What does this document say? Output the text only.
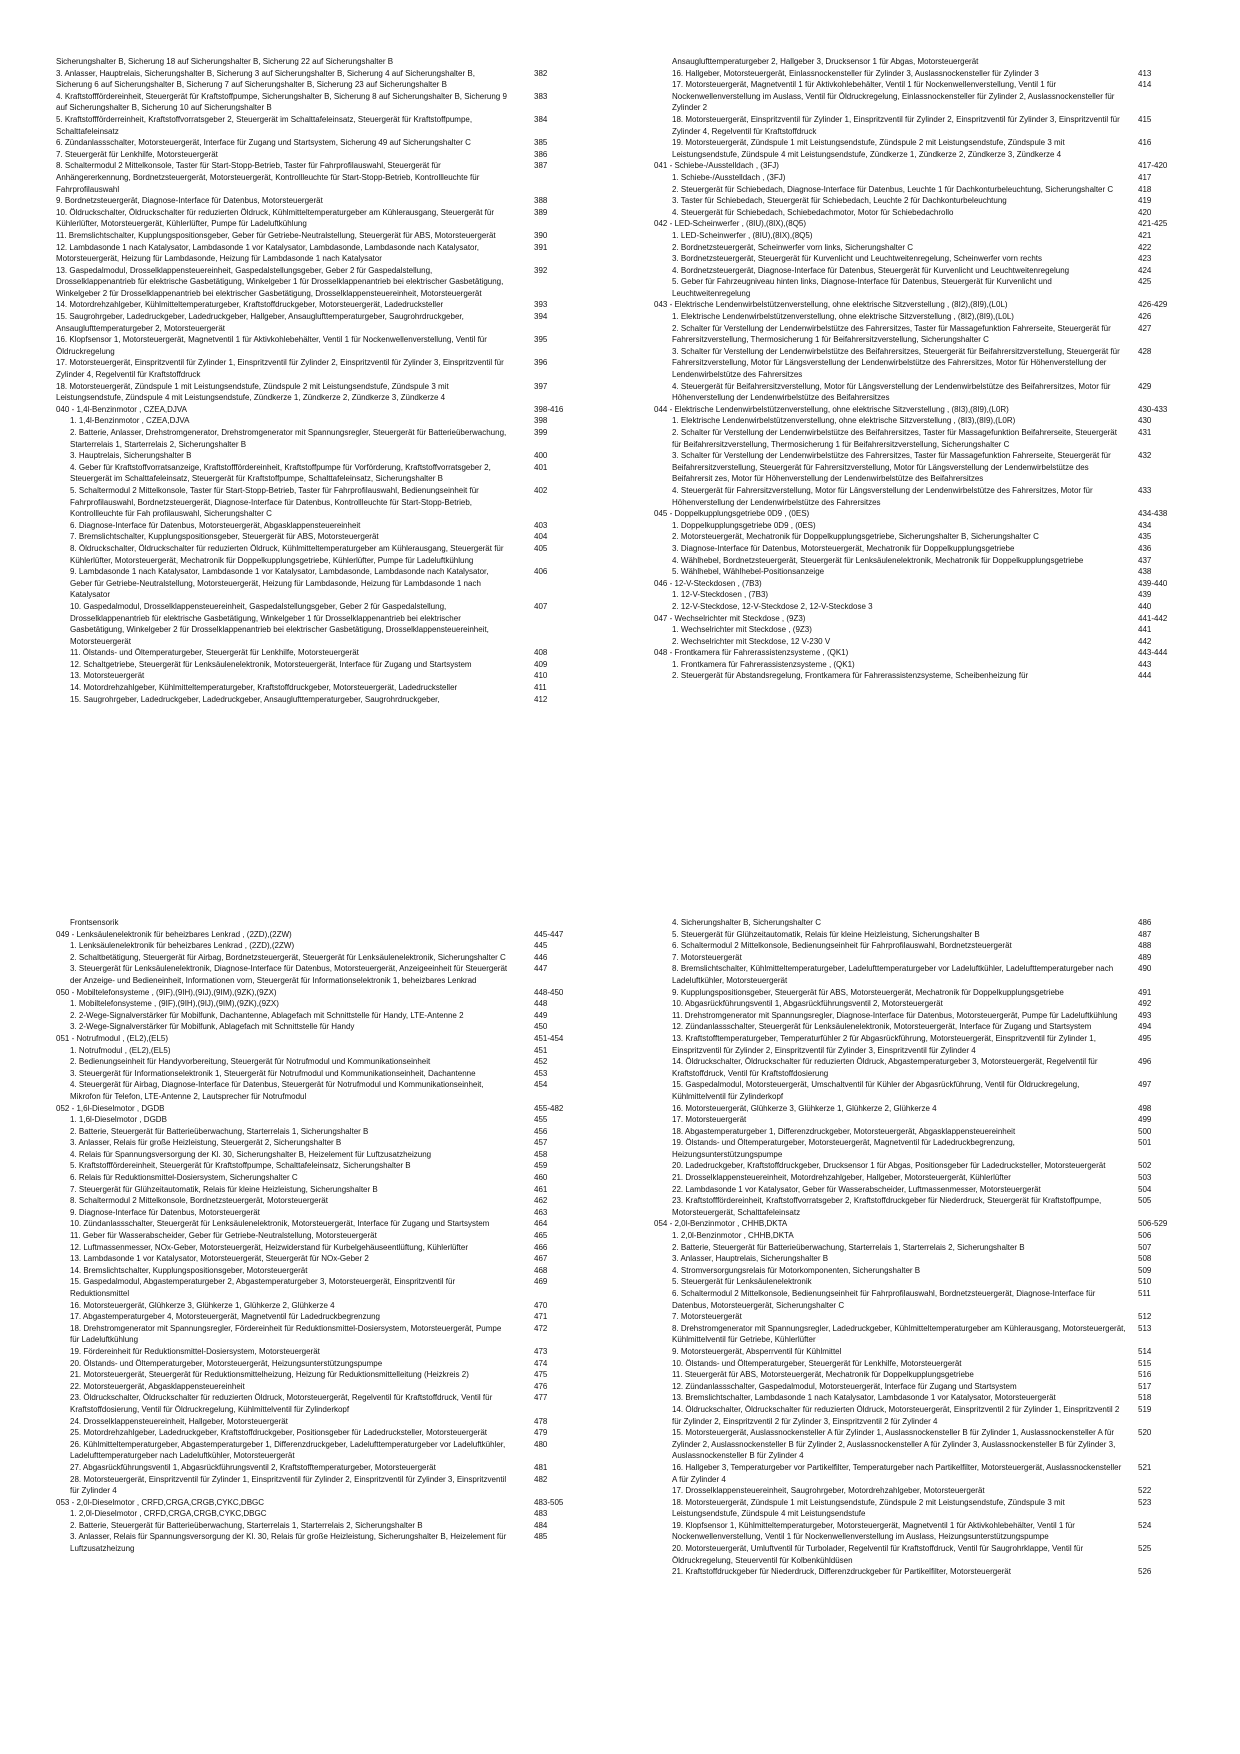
Sicherungshalter B, Sicherung 18 auf Sicherungshalter B, Sicherung 22 auf Sicherungshalter B
3. Anlasser, Hauptrelais, Sicherungshalter B, Sicherung 3 auf Sicherungshalter B, Sicherung 4 auf Sicherungshalter B, Sicherung 6 auf Sicherungshalter B, Sicherung 7 auf Sicherungshalter B, Sicherung 23 auf Sicherungshalter B
382
4. Kraftstofffördereinheit, Steuergerät für Kraftstoffpumpe, Sicherungshalter B, Sicherung 8 auf Sicherungshalter B, Sicherung 9 auf Sicherungshalter B, Sicherung 10 auf Sicherungshalter B
383
5. Kraftstoffförderreinheit, Kraftstoffvorratsgeber 2, Steuergerät im Schalttafeleinsatz, Steuergerät für Kraftstoffpumpe, Schalttafeleinsatz
384
6. Zündanlassschalter, Motorsteuergerät, Interface für Zugang und Startsystem, Sicherung 49 auf Sicherungshalter C	385
7. Steuergerät für Lenkhilfe, Motorsteuergerät	386
8. Schaltermodul 2 Mittelkonsole, Taster für Start-Stopp-Betrieb, Taster für Fahrprofilauswahl, Steuergerät für Anhängererkennung, Bordnetzsteuergerät, Motorsteuergerät, Kontrollleuchte für Start-Stopp-Betrieb, Kontrollleuchte für Fahrprofilauswahl
387
9. Bordnetzsteuergerät, Diagnose-Interface für Datenbus, Motorsteuergerät	388
10. Öldruckschalter, Öldruckschalter für reduzierten Öldruck, Kühlmitteltemperaturgeber am Kühlerausgang, Steuergerät für Kühlerlüfter, Motorsteuergerät, Kühlerlüfter, Pumpe für Ladeluftkühlung
389
11. Bremslichtschalter, Kupplungspositionsgeber, Geber für Getriebe-Neutralstellung, Steuergerät für ABS, Motorsteuergerät	390
12. Lambdasonde 1 nach Katalysator, Lambdasonde 1 vor Katalysator, Lambdasonde, Lambdasonde nach Katalysator, Motorsteuergerät, Heizung für Lambdasonde, Heizung für Lambdasonde 1 nach Katalysator
391
13. Gaspedalmodul, Drosselklappensteuereinheit, Gaspedalstellungsgeber, Geber 2 für Gaspedalstellung, Drosselklappenantrieb für elektrische Gasbetätigung, Winkelgeber 1 für Drosselklappenantrieb bei elektrischer Gasbetätigung, Winkelgeber 2 für Drosselklappenantrieb bei elektrischer Gasbetätigung, Drosselklappensteuereinheit, Motorsteuergerät
392
14. Motordrehzahlgeber, Kühlmitteltemperaturgeber, Kraftstoffdruckgeber, Motorsteuergerät, Ladedrucksteller	393
15. Saugrohrgeber, Ladedruckgeber, Ladedruckgeber, Hallgeber, Ansauglufttemperaturgeber, Saugrohrdruckgeber, Ansauglufttemperaturgeber 2, Motorsteuergerät
394
16. Klopfsensor 1, Motorsteuergerät, Magnetventil 1 für Aktivkohlebehälter, Ventil 1 für Nockenwellenverstellung, Ventil für Öldruckregelung
395
17. Motorsteuergerät, Einspritzventil für Zylinder 1, Einspritzventil für Zylinder 2, Einspritzventil für Zylinder 3, Einspritzventil für Zylinder 4, Regelventil für Kraftstoffdruck
396
18. Motorsteuergerät, Zündspule 1 mit Leistungsendstufe, Zündspule 2 mit Leistungsendstufe, Zündspule 3 mit Leistungsendstufe, Zündspule 4 mit Leistungsendstufe, Zündkerze 1, Zündkerze 2, Zündkerze 3, Zündkerze 4
397
040 - 1,4l-Benzinmotor , CZEA,DJVA	398-416
1. 1,4l-Benzinmotor , CZEA,DJVA	398
2. Batterie, Anlasser, Drehstromgenerator, Drehstromgenerator mit Spannungsregler, Steuergerät für Batterieüberwachung, Starterrelais 1, Starterrelais 2, Sicherungshalter B
399
3. Hauptrelais, Sicherungshalter B	400
4. Geber für Kraftstoffvorratsanzeige, Kraftstofffördereinheit, Kraftstoffpumpe für Vorförderung, Kraftstoffvorratsgeber 2, Steuergerät im Schalttafeleinsatz, Steuergerät für Kraftstoffpumpe, Schalttafeleinsatz, Sicherungshalter B
401
5. Schaltermodul 2 Mittelkonsole, Taster für Start-Stopp-Betrieb, Taster für Fahrprofilauswahl, Bedienungseinheit für Fahrprofilauswahl, Bordnetzsteuergerät, Diagnose-Interface für Datenbus, Kontrollleuchte für Start-Stopp-Betrieb, Kontrollleuchte für Fah profilauswahl, Sicherungshalter C
402
6. Diagnose-Interface für Datenbus, Motorsteuergerät, Abgasklappensteuereinheit	403
7. Bremslichtschalter, Kupplungspositionsgeber, Steuergerät für ABS, Motorsteuergerät	404
8. Öldruckschalter, Öldruckschalter für reduzierten Öldruck, Kühlmitteltemperaturgeber am Kühlerausgang, Steuergerät für Kühlerlüfter, Motorsteuergerät, Mechatronik für Doppelkupplungsgetriebe, Kühlerlüfter, Pumpe für Ladeluftkühlung
405
9. Lambdasonde 1 nach Katalysator, Lambdasonde 1 vor Katalysator, Lambdasonde, Lambdasonde nach Katalysator, Geber für Getriebe-Neutralstellung, Motorsteuergerät, Heizung für Lambdasonde, Heizung für Lambdasonde 1 nach Katalysator
406
10. Gaspedalmodul, Drosselklappensteuereinheit, Gaspedalstellungsgeber, Geber 2 für Gaspedalstellung, Drosselklappenantrieb für elektrische Gasbetätigung, Winkelgeber 1 für Drosselklappenantrieb bei elektrischer Gasbetätigung, Winkelgeber 2 für Drosselklappenantrieb bei elektrischer Gasbetätigung, Drosselklappensteuereinheit, Motorsteuergerät
407
11. Ölstands- und Öltemperaturgeber, Steuergerät für Lenkhilfe, Motorsteuergerät	408
12. Schaltgetriebe, Steuergerät für Lenksäulenelektronik, Motorsteuergerät, Interface für Zugang und Startsystem	409
13. Motorsteuergerät	410
14. Motordrehzahlgeber, Kühlmitteltemperaturgeber, Kraftstoffdruckgeber, Motorsteuergerät, Ladedrucksteller	411
15. Saugrohrgeber, Ladedruckgeber, Ladedruckgeber, Ansauglufttemperaturgeber, Saugrohrdruckgeber,	412
Ansauglufttemperaturgeber 2, Hallgeber 3, Drucksensor 1 für Abgas, Motorsteuergerät
16. Hallgeber, Motorsteuergerät, Einlassnockensteller für Zylinder 3, Auslassnockensteller für Zylinder 3	413
17. Motorsteuergerät, Magnetventil 1 für Aktivkohlebehälter, Ventil 1 für Nockenwellenverstellung, Ventil 1 für Nockenwellenverstellung im Auslass, Ventil für Öldruckregelung, Einlassnockensteller für Zylinder 2, Auslassnockensteller für Zylinder 2
414
18. Motorsteuergerät, Einspritzventil für Zylinder 1, Einspritzventil für Zylinder 2, Einspritzventil für Zylinder 3, Einspritzventil für Zylinder 4, Regelventil für Kraftstoffdruck
415
19. Motorsteuergerät, Zündspule 1 mit Leistungsendstufe, Zündspule 2 mit Leistungsendstufe, Zündspule 3 mit Leistungsendstufe, Zündspule 4 mit Leistungsendstufe, Zündkerze 1, Zündkerze 2, Zündkerze 3, Zündkerze 4
416
041 - Schiebe-/Ausstelldach , (3FJ)	417-420
1. Schiebe-/Ausstelldach , (3FJ)	417
2. Steuergerät für Schiebedach, Diagnose-Interface für Datenbus, Leuchte 1 für Dachkonturbeleuchtung, Sicherungshalter C	418
3. Taster für Schiebedach, Steuergerät für Schiebedach, Leuchte 2 für Dachkonturbeleuchtung	419
4. Steuergerät für Schiebedach, Schiebedachmotor, Motor für Schiebedachrollo	420
042 - LED-Scheinwerfer , (8IU),(8IX),(8Q5)	421-425
1. LED-Scheinwerfer , (8IU),(8IX),(8Q5)	421
2. Bordnetzsteuergerät, Scheinwerfer vorn links, Sicherungshalter C	422
3. Bordnetzsteuergerät, Steuergerät für Kurvenlicht und Leuchtweitenregelung, Scheinwerfer vorn rechts	423
4. Bordnetzsteuergerät, Diagnose-Interface für Datenbus, Steuergerät für Kurvenlicht und Leuchtweitenregelung	424
5. Geber für Fahrzeugniveau hinten links, Diagnose-Interface für Datenbus, Steuergerät für Kurvenlicht und Leuchtweitenregelung
425
043 - Elektrische Lendenwirbelstützenverstellung, ohne elektrische Sitzverstellung , (8I2),(8I9),(L0L)	426-429
1. Elektrische Lendenwirbelstützenverstellung, ohne elektrische Sitzverstellung , (8I2),(8I9),(L0L)	426
2. Schalter für Verstellung der Lendenwirbelstütze des Fahrersitzes, Taster für Massagefunktion Fahrerseite, Steuergerät für Fahrersitzverstellung, Thermosicherung 1 für Beifahrersitzverstellung, Sicherungshalter C
427
3. Schalter für Verstellung der Lendenwirbelstütze des Beifahrersitzes, Steuergerät für Beifahrersitzverstellung, Steuergerät für Fahrersitzverstellung, Motor für Längsverstellung der Lendenwirbelstütze des Fahrersitzes, Motor für Höhenverstellung der Lendenwirbelstütze des Fahrersitzes
428
4. Steuergerät für Beifahrersitzverstellung, Motor für Längsverstellung der Lendenwirbelstütze des Beifahrersitzes, Motor für Höhenverstellung der Lendenwirbelstütze des Beifahrersitzes
429
044 - Elektrische Lendenwirbelstützenverstellung, ohne elektrische Sitzverstellung , (8I3),(8I9),(L0R)	430-433
1. Elektrische Lendenwirbelstützenverstellung, ohne elektrische Sitzverstellung , (8I3),(8I9),(L0R)	430
2. Schalter für Verstellung der Lendenwirbelstütze des Beifahrersitzes, Taster für Massagefunktion Beifahrerseite, Steuergerät für Beifahrersitzverstellung, Thermosicherung 1 für Beifahrersitzverstellung, Sicherungshalter C
431
3. Schalter für Verstellung der Lendenwirbelstütze des Fahrersitzes, Taster für Massagefunktion Fahrerseite, Steuergerät für Beifahrersitzverstellung, Steuergerät für Fahrersitzverstellung, Motor für Längsverstellung der Lendenwirbelstütze des Beifahrersit zes, Motor für Höhenverstellung der Lendenwirbelstütze des Beifahrersitzes
432
4. Steuergerät für Fahrersitzverstellung, Motor für Längsverstellung der Lendenwirbelstütze des Fahrersitzes, Motor für Höhenverstellung der Lendenwirbelstütze des Fahrersitzes
433
045 - Doppelkupplungsgetriebe 0D9 , (0ES)	434-438
1. Doppelkupplungsgetriebe 0D9 , (0ES)	434
2. Motorsteuergerät, Mechatronik für Doppelkupplungsgetriebe, Sicherungshalter B, Sicherungshalter C	435
3. Diagnose-Interface für Datenbus, Motorsteuergerät, Mechatronik für Doppelkupplungsgetriebe	436
4. Wählhebel, Bordnetzsteuergerät, Steuergerät für Lenksäulenelektronik, Mechatronik für Doppelkupplungsgetriebe	437
5. Wählhebel, Wählhebel-Positionsanzeige	438
046 - 12-V-Steckdosen , (7B3)	439-440
1. 12-V-Steckdosen , (7B3)	439
2. 12-V-Steckdose, 12-V-Steckdose 2, 12-V-Steckdose 3	440
047 - Wechselrichter mit Steckdose , (9Z3)	441-442
1. Wechselrichter mit Steckdose , (9Z3)	441
2. Wechselrichter mit Steckdose, 12 V-230 V	442
048 - Frontkamera für Fahrerassistenzsysteme , (QK1)	443-444
1. Frontkamera für Fahrerassistenzsysteme , (QK1)	443
2. Steuergerät für Abstandsregelung, Frontkamera für Fahrerassistenzsysteme, Scheibenheizung für	444
Frontsensorik
049 - Lenksäulenelektronik für beheizbares Lenkrad , (2ZD),(2ZW)	445-447
1. Lenksäulenelektronik für beheizbares Lenkrad , (2ZD),(2ZW)	445
2. Schaltbetätigung, Steuergerät für Airbag, Bordnetzsteuergerät, Steuergerät für Lenksäulenelektronik, Sicherungshalter C	446
3. Steuergerät für Lenksäulenelektronik, Diagnose-Interface für Datenbus, Motorsteuergerät, Anzeigeeinheit für Steuergerät der Anzeige- und Bedieneinheit, Informationen vorn, Steuergerät für Informationselektronik 1, beheizbares Lenkrad
447
050 - Mobiltelefonsysteme , (9IF),(9IH),(9IJ),(9IM),(9ZK),(9ZX)	448-450
1. Mobiltelefonsysteme , (9IF),(9IH),(9IJ),(9IM),(9ZK),(9ZX)	448
2. 2-Wege-Signalverstärker für Mobilfunk, Dachantenne, Ablagefach mit Schnittstelle für Handy, LTE-Antenne 2	449
3. 2-Wege-Signalverstärker für Mobilfunk, Ablagefach mit Schnittstelle für Handy	450
051 - Notrufmodul , (EL2),(EL5)	451-454
1. Notrufmodul , (EL2),(EL5)	451
2. Bedienungseinheit für Handyvorbereitung, Steuergerät für Notrufmodul und Kommunikationseinheit	452
3. Steuergerät für Informationselektronik 1, Steuergerät für Notrufmodul und Kommunikationseinheit, Dachantenne	453
4. Steuergerät für Airbag, Diagnose-Interface für Datenbus, Steuergerät für Notrufmodul und Kommunikationseinheit, Mikrofon für Telefon, LTE-Antenne 2, Lautsprecher für Notrufmodul
454
052 - 1,6l-Dieselmotor , DGDB	455-482
1. 1,6l-Dieselmotor , DGDB	455
2. Batterie, Steuergerät für Batterieüberwachung, Starterrelais 1, Sicherungshalter B	456
3. Anlasser, Relais für große Heizleistung, Steuergerät 2, Sicherungshalter B	457
4. Relais für Spannungsversorgung der Kl. 30, Sicherungshalter B, Heizelement für Luftzusatzheizung	458
5. Kraftstofffördereinheit, Steuergerät für Kraftstoffpumpe, Schalttafeleinsatz, Sicherungshalter B	459
6. Relais für Reduktionsmittel-Dosiersystem, Sicherungshalter C	460
7. Steuergerät für Glühzeitautomatik, Relais für kleine Heizleistung, Sicherungshalter B	461
8. Schaltermodul 2 Mittelkonsole, Bordnetzsteuergerät, Motorsteuergerät	462
9. Diagnose-Interface für Datenbus, Motorsteuergerät	463
10. Zündanlassschalter, Steuergerät für Lenksäulenelektronik, Motorsteuergerät, Interface für Zugang und Startsystem	464
11. Geber für Wasserabscheider, Geber für Getriebe-Neutralstellung, Motorsteuergerät	465
12. Luftmassenmesser, NOx-Geber, Motorsteuergerät, Heizwiderstand für Kurbelgehäuseentlüftung, Kühlerlüfter	466
13. Lambdasonde 1 vor Katalysator, Motorsteuergerät, Steuergerät für NOx-Geber 2	467
14. Bremslichtschalter, Kupplungspositionsgeber, Motorsteuergerät	468
15. Gaspedalmodul, Abgastemperaturgeber 2, Abgastemperaturgeber 3, Motorsteuergerät, Einspritzventil für Reduktionsmittel
469
16. Motorsteuergerät, Glühkerze 3, Glühkerze 1, Glühkerze 2, Glühkerze 4	470
17. Abgastemperaturgeber 4, Motorsteuergerät, Magnetventil für Ladedruckbegrenzung	471
18. Drehstromgenerator mit Spannungsregler, Fördereinheit für Reduktionsmittel-Dosiersystem, Motorsteuergerät, Pumpe für Ladeluftkühlung
472
19. Fördereinheit für Reduktionsmittel-Dosiersystem, Motorsteuergerät	473
20. Ölstands- und Öltemperaturgeber, Motorsteuergerät, Heizungsunterstützungspumpe	474
21. Motorsteuergerät, Steuergerät für Reduktionsmittelheizung, Heizung für Reduktionsmittelleitung (Heizkreis 2)	475
22. Motorsteuergerät, Abgasklappensteuereinheit	476
23. Öldruckschalter, Öldruckschalter für reduzierten Öldruck, Motorsteuergerät, Regelventil für Kraftstoffdruck, Ventil für Kraftstoffdosierung, Ventil für Öldruckregelung, Kühlmittelventil für Zylinderkopf
477
24. Drosselklappensteuereinheit, Hallgeber, Motorsteuergerät	478
25. Motordrehzahlgeber, Ladedruckgeber, Kraftstoffdruckgeber, Positionsgeber für Ladedrucksteller, Motorsteuergerät	479
26. Kühlmitteltemperaturgeber, Abgastemperaturgeber 1, Differenzdruckgeber, Ladelufttemperaturgeber vor Ladeluftkühler, Ladelufttemperaturgeber nach Ladeluftkühler, Motorsteuergerät
480
27. Abgasrückführungsventil 1, Abgasrückführungsventil 2, Kraftstofftemperaturgeber, Motorsteuergerät	481
28. Motorsteuergerät, Einspritzventil für Zylinder 1, Einspritzventil für Zylinder 2, Einspritzventil für Zylinder 3, Einspritzventil für Zylinder 4
482
053 - 2,0l-Dieselmotor , CRFD,CRGA,CRGB,CYKC,DBGC	483-505
1. 2,0l-Dieselmotor , CRFD,CRGA,CRGB,CYKC,DBGC	483
2. Batterie, Steuergerät für Batterieüberwachung, Starterrelais 1, Starterrelais 2, Sicherungshalter B	484
3. Anlasser, Relais für Spannungsversorgung der Kl. 30, Relais für große Heizleistung, Sicherungshalter B, Heizelement für Luftzusatzheizung
485
4. Sicherungshalter B, Sicherungshalter C	486
5. Steuergerät für Glühzeitautomatik, Relais für kleine Heizleistung, Sicherungshalter B	487
6. Schaltermodul 2 Mittelkonsole, Bedienungseinheit für Fahrprofilauswahl, Bordnetzsteuergerät	488
7. Motorsteuergerät	489
8. Bremslichtschalter, Kühlmitteltemperaturgeber, Ladelufttemperaturgeber vor Ladeluftkühler, Ladelufttemperaturgeber nach Ladeluftkühler, Motorsteuergerät
490
9. Kupplungspositionsgeber, Steuergerät für ABS, Motorsteuergerät, Mechatronik für Doppelkupplungsgetriebe	491
10. Abgasrückführungsventil 1, Abgasrückführungsventil 2, Motorsteuergerät	492
11. Drehstromgenerator mit Spannungsregler, Diagnose-Interface für Datenbus, Motorsteuergerät, Pumpe für Ladeluftkühlung	493
12. Zündanlassschalter, Steuergerät für Lenksäulenelektronik, Motorsteuergerät, Interface für Zugang und Startsystem	494
13. Kraftstofftemperaturgeber, Temperaturfühler 2 für Abgasrückführung, Motorsteuergerät, Einspritzventil für Zylinder 1, Einspritzventil für Zylinder 2, Einspritzventil für Zylinder 3, Einspritzventil für Zylinder 4
495
14. Öldruckschalter, Öldruckschalter für reduzierten Öldruck, Abgastemperaturgeber 3, Motorsteuergerät, Regelventil für Kraftstoffdruck, Ventil für Kraftstoffdosierung
496
15. Gaspedalmodul, Motorsteuergerät, Umschaltventil für Kühler der Abgasrückführung, Ventil für Öldruckregelung, Kühlmittelventil für Zylinderkopf
497
16. Motorsteuergerät, Glühkerze 3, Glühkerze 1, Glühkerze 2, Glühkerze 4	498
17. Motorsteuergerät	499
18. Abgastemperaturgeber 1, Differenzdruckgeber, Motorsteuergerät, Abgasklappensteuereinheit	500
19. Ölstands- und Öltemperaturgeber, Motorsteuergerät, Magnetventil für Ladedruckbegrenzung, Heizungsunterstützungspumpe
501
20. Ladedruckgeber, Kraftstoffdruckgeber, Drucksensor 1 für Abgas, Positionsgeber für Ladedrucksteller, Motorsteuergerät	502
21. Drosselklappensteuereinheit, Motordrehzahlgeber, Hallgeber, Motorsteuergerät, Kühlerlüfter	503
22. Lambdasonde 1 vor Katalysator, Geber für Wasserabscheider, Luftmassenmesser, Motorsteuergerät	504
23. Kraftstofffördereinheit, Kraftstoffvorratsgeber 2, Kraftstoffdruckgeber für Niederdruck, Steuergerät für Kraftstoffpumpe, Motorsteuergerät, Schalttafeleinsatz
505
054 - 2,0l-Benzinmotor , CHHB,DKTA	506-529
1. 2,0l-Benzinmotor , CHHB,DKTA	506
2. Batterie, Steuergerät für Batterieüberwachung, Starterrelais 1, Starterrelais 2, Sicherungshalter B	507
3. Anlasser, Hauptrelais, Sicherungshalter B	508
4. Stromversorgungsrelais für Motorkomponenten, Sicherungshalter B	509
5. Steuergerät für Lenksäulenelektronik	510
6. Schaltermodul 2 Mittelkonsole, Bedienungseinheit für Fahrprofilauswahl, Bordnetzsteuergerät, Diagnose-Interface für Datenbus, Motorsteuergerät, Sicherungshalter C
511
7. Motorsteuergerät	512
8. Drehstromgenerator mit Spannungsregler, Ladedruckgeber, Kühlmitteltemperaturgeber am Kühlerausgang, Motorsteuergerät, Kühlmittelventil für Getriebe, Kühlerlüfter
513
9. Motorsteuergerät, Absperrventil für Kühlmittel	514
10. Ölstands- und Öltemperaturgeber, Steuergerät für Lenkhilfe, Motorsteuergerät	515
11. Steuergerät für ABS, Motorsteuergerät, Mechatronik für Doppelkupplungsgetriebe	516
12. Zündanlassschalter, Gaspedalmodul, Motorsteuergerät, Interface für Zugang und Startsystem	517
13. Bremslichtschalter, Lambdasonde 1 nach Katalysator, Lambdasonde 1 vor Katalysator, Motorsteuergerät	518
14. Öldruckschalter, Öldruckschalter für reduzierten Öldruck, Motorsteuergerät, Einspritzventil 2 für Zylinder 1, Einspritzventil 2 für Zylinder 2, Einspritzventil 2 für Zylinder 3, Einspritzventil 2 für Zylinder 4
519
15. Motorsteuergerät, Auslassnockensteller A für Zylinder 1, Auslassnockensteller B für Zylinder 1, Auslassnockensteller A für Zylinder 2, Auslassnockensteller B für Zylinder 2, Auslassnockensteller A für Zylinder 3, Auslassnockensteller B für Zylinder 3, Auslassnockensteller B für Zylinder 4
520
16. Hallgeber 3, Temperaturgeber vor Partikelfilter, Temperaturgeber nach Partikelfilter, Motorsteuergerät, Auslassnockensteller A für Zylinder 4
521
17. Drosselklappensteuereinheit, Saugrohrgeber, Motordrehzahlgeber, Motorsteuergerät	522
18. Motorsteuergerät, Zündspule 1 mit Leistungsendstufe, Zündspule 2 mit Leistungsendstufe, Zündspule 3 mit Leistungsendstufe, Zündspule 4 mit Leistungsendstufe
523
19. Klopfsensor 1, Kühlmitteltemperaturgeber, Motorsteuergerät, Magnetventil 1 für Aktivkohlebehälter, Ventil 1 für Nockenwellenverstellung, Ventil 1 für Nockenwellenverstellung im Auslass, Heizungsunterstützungspumpe
524
20. Motorsteuergerät, Umluftventil für Turbolader, Regelventil für Kraftstoffdruck, Ventil für Saugrohrklappe, Ventil für Öldruckregelung, Steuerventil für Kolbenkühldüsen
525
21. Kraftstoffdruckgeber für Niederdruck, Differenzdruckgeber für Partikelfilter, Motorsteuergerät	526
